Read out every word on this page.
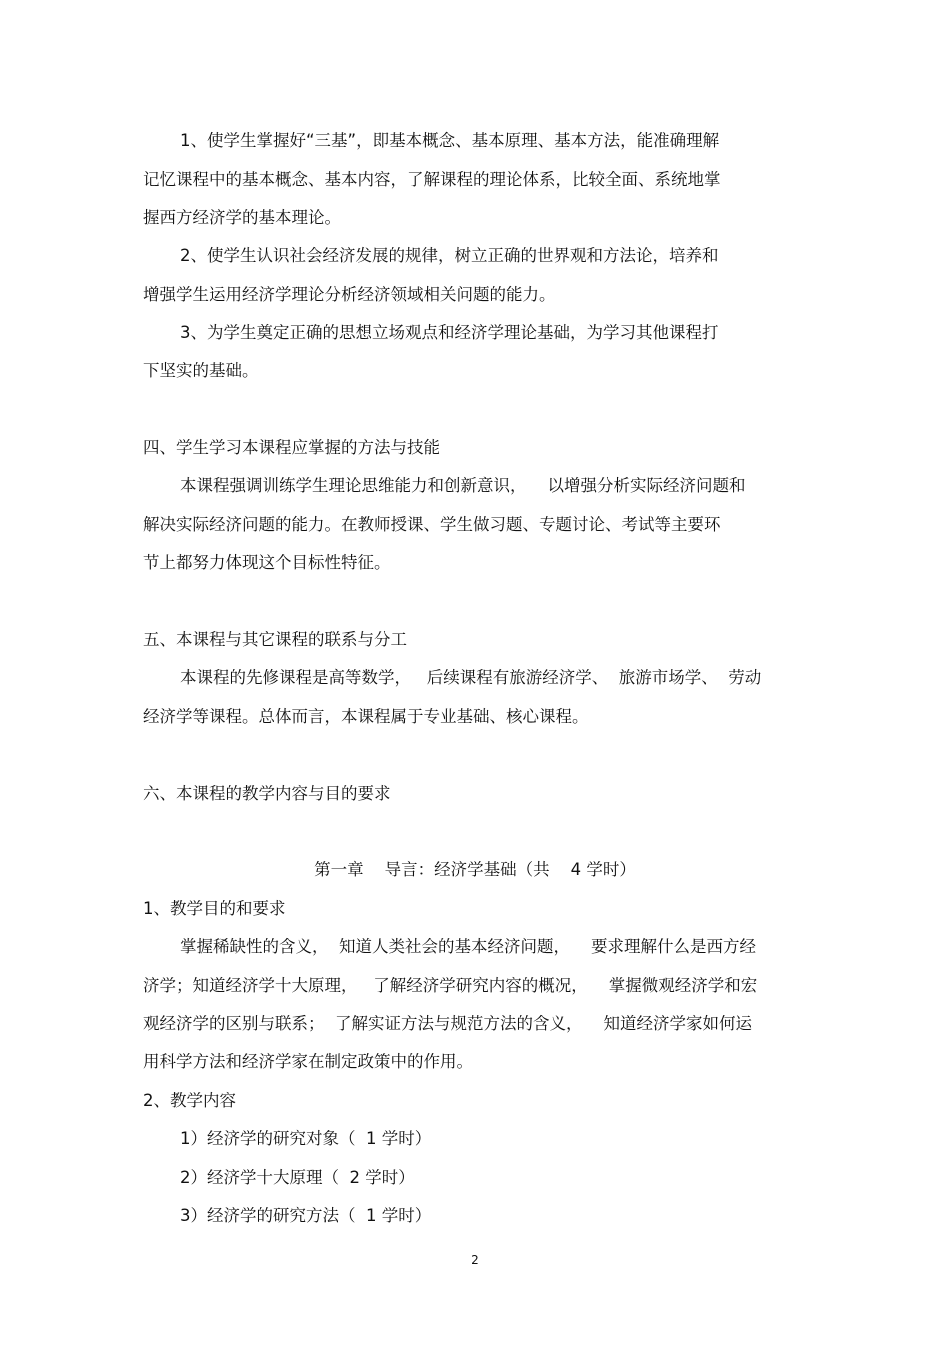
1、使学生掌握好“三基”，即基本概念、基本原理、基本方法，能准确理解
记忆课程中的基本概念、基本内容，了解课程的理论体系，比较全面、系统地掌
握西方经济学的基本理论。
2、使学生认识社会经济发展的规律，树立正确的世界观和方法论，培养和
增强学生运用经济学理论分析经济领域相关问题的能力。
3、为学生奠定正确的思想立场观点和经济学理论基础，为学习其他课程打
下坚实的基础。
四、学生学习本课程应掌握的方法与技能
本课程强调训练学生理论思维能力和创新意识，    以增强分析实际经济问题和
解决实际经济问题的能力。在教师授课、学生做习题、专题讨论、考试等主要环
节上都努力体现这个目标性特征。
五、本课程与其它课程的联系与分工
本课程的先修课程是高等数学，   后续课程有旅游经济学、  旅游市场学、  劳动
经济学等课程。总体而言，本课程属于专业基础、核心课程。
六、本课程的教学内容与目的要求
第一章    导言：经济学基础（共    4 学时）
1、教学目的和要求
掌握稀缺性的含义，  知道人类社会的基本经济问题，    要求理解什么是西方经
济学；知道经济学十大原理，   了解经济学研究内容的概况，    掌握微观经济学和宏
观经济学的区别与联系；  了解实证方法与规范方法的含义，    知道经济学家如何运
用科学方法和经济学家在制定政策中的作用。
2、教学内容
1）经济学的研究对象（  1 学时）
2）经济学十大原理（  2 学时）
3）经济学的研究方法（  1 学时）
2
